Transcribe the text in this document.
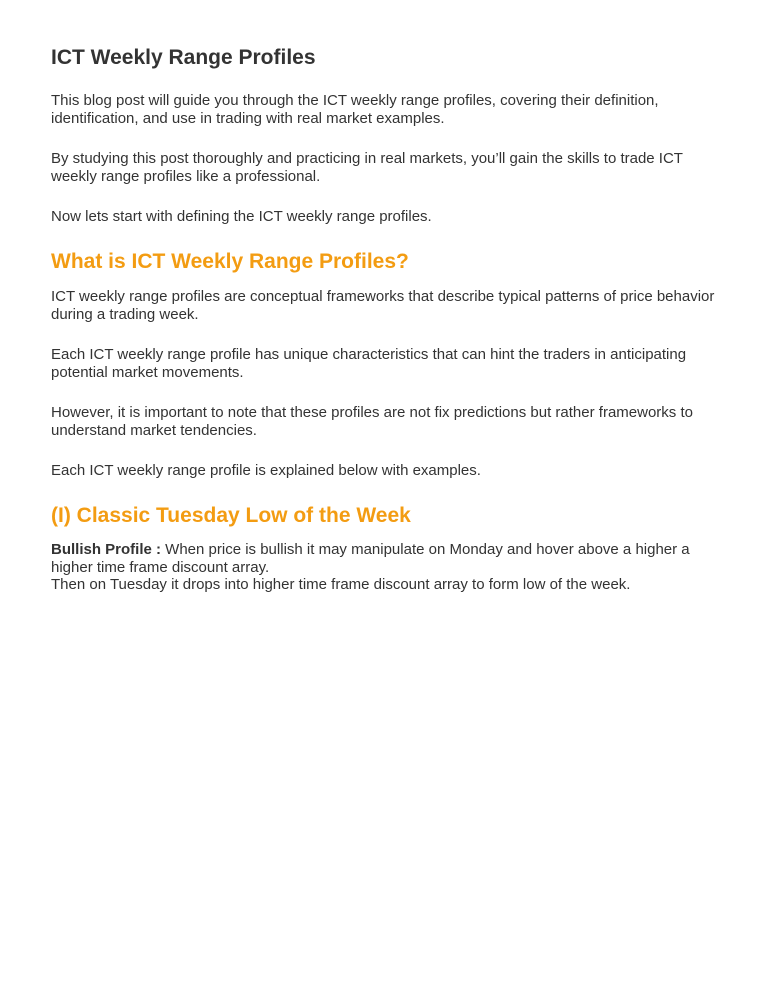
ICT Weekly Range Profiles

This blog post will guide you through the ICT weekly range profiles, covering their definition, identification, and use in trading with real market examples.

By studying this post thoroughly and practicing in real markets, you’ll gain the skills to trade ICT weekly range profiles like a professional.

Now lets start with defining the ICT weekly range profiles.

What is ICT Weekly Range Profiles?

ICT weekly range profiles are conceptual frameworks that describe typical patterns of price behavior during a trading week.

Each ICT weekly range profile has unique characteristics that can hint the traders in anticipating potential market movements.

However, it is important to note that these profiles are not fix predictions but rather frameworks to understand market tendencies.

Each ICT weekly range profile is explained below with examples.

(I) Classic Tuesday Low of the Week

Bullish Profile : When price is bullish it may manipulate on Monday and hover above a higher a higher time frame discount array.
Then on Tuesday it drops into higher time frame discount array to form low of the week.
